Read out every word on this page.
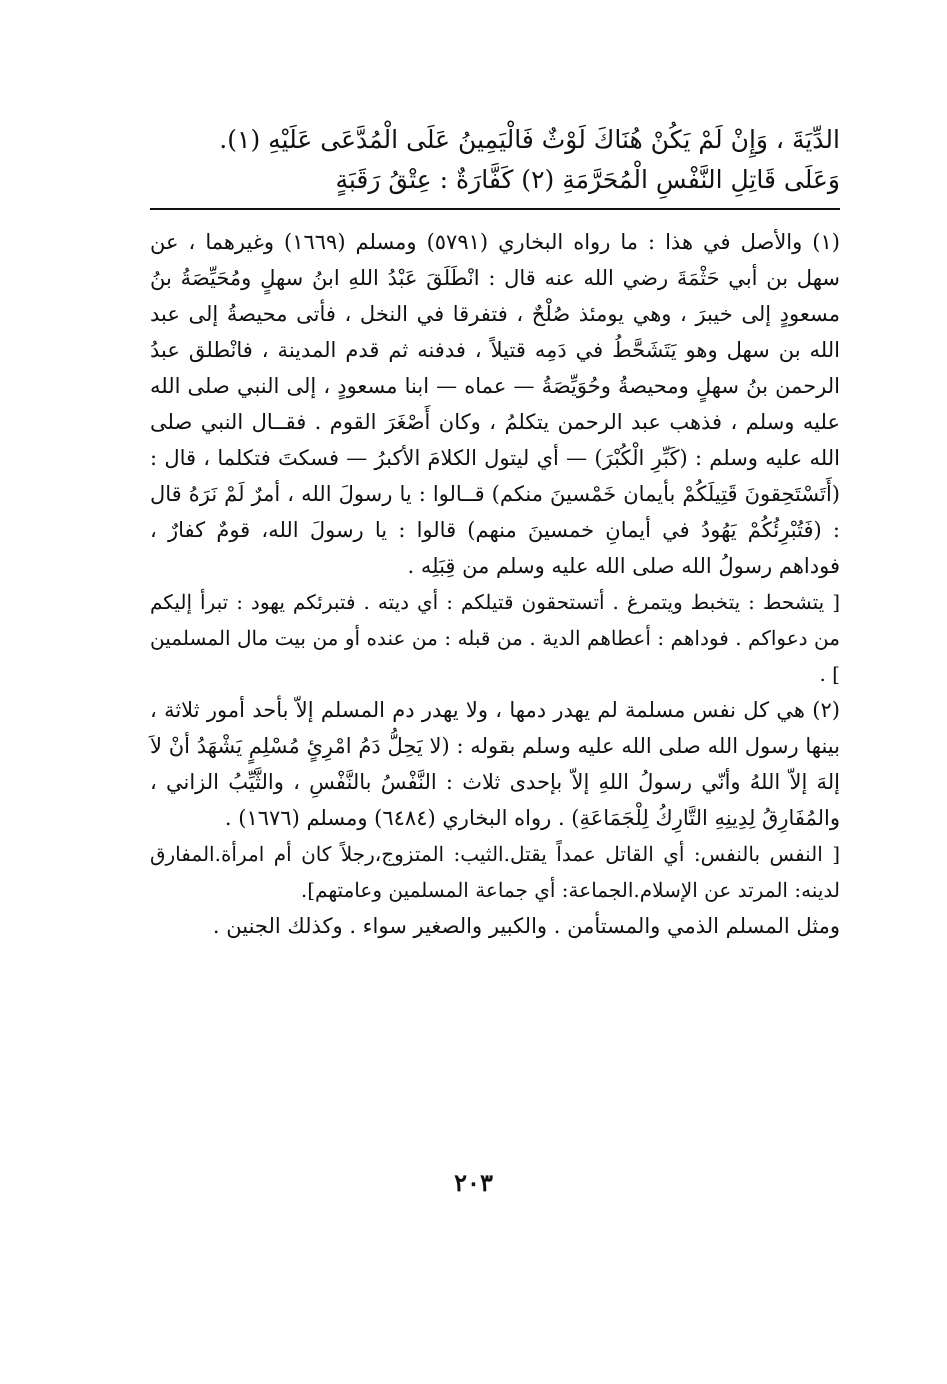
الدِّيَةَ ، وَإِنْ لَمْ يَكُنْ هُنَاكَ لَوْثٌ فَالْيَمِينُ عَلَى الْمُدَّعَى عَلَيْهِ (١).

وَعَلَى قَاتِلِ النَّفْسِ الْمُحَرَّمَةِ (٢) كَفَّارَةٌ : عِتْقُ رَقَبَةٍ

(١) والأصل في هذا : ما رواه البخاري (٥٧٩١) ومسلم (١٦٦٩) وغيرهما ، عن سهل بن أبي حَثْمَةَ رضي الله عنه قال : انْطَلَقَ عَبْدُ اللهِ ابنُ سهلٍ ومُحَيِّصَةُ بنُ مسعودٍ إلى خيبرَ ، وهي يومئذ صُلْحٌ ، فتفرقا في النخل ، فأتى محيصةُ إلى عبد الله بن سهل وهو يَتَشَحَّطُ في دَمِه قتيلاً ، فدفنه ثم قدم المدينة ، فانْطلق عبدُ الرحمن بنُ سهلٍ ومحيصةُ وحُوَيِّصَةُ — عماه — ابنا مسعودٍ ، إلى النبي صلى الله عليه وسلم ، فذهب عبد الرحمن يتكلمُ ، وكان أَصْغَرَ القوم . فقــال النبي صلى الله عليه وسلم : (كَبِّرِ الْكُبْرَ) — أي ليتول الكلامَ الأكبرُ — فسكتَ فتكلما ، قال : (أَتَسْتَحِقونَ قَتِيلَكُمْ بأيمان خَمْسينَ منكم) قــالوا : يا رسولَ الله ، أمرٌ لَمْ نَرَهُ قال : (فَتُبْرِئُكُمْ يَهُودُ في أيمانِ خمسينَ منهم) قالوا : يا رسولَ الله، قومٌ كفارٌ ، فوداهم رسولُ الله صلى الله عليه وسلم من قِبَلِه .

[ يتشحط : يتخبط ويتمرغ . أتستحقون قتيلكم : أي ديته . فتبرئكم يهود : تبرأ إليكم من دعواكم . فوداهم : أعطاهم الدية . من قبله : من عنده أو من بيت مال المسلمين ] .

(٢) هي كل نفس مسلمة لم يهدر دمها ، ولا يهدر دم المسلم إلاّ بأحد أمور ثلاثة ، بينها رسول الله صلى الله عليه وسلم بقوله : (لا يَحِلُّ دَمُ امْرِئٍ مُسْلِمٍ يَشْهَدُ أنْ لاَ إلهَ إلاّ اللهُ وأنّي رسولُ اللهِ إلاّ بإحدى ثلاث : النَّفْسُ بالنَّفْسِ ، والثَّيِّبُ الزاني ، والمُفَارِقُ لِدِينِهِ التَّارِكُ لِلْجَمَاعَةِ) . رواه البخاري (٦٤٨٤) ومسلم (١٦٧٦) .

[ النفس بالنفس: أي القاتل عمداً يقتل.الثيب: المتزوج،رجلاً كان أم امرأة.المفارق لدينه: المرتد عن الإسلام.الجماعة: أي جماعة المسلمين وعامتهم].

ومثل المسلم الذمي والمستأمن . والكبير والصغير سواء . وكذلك الجنين .

٢٠٣
